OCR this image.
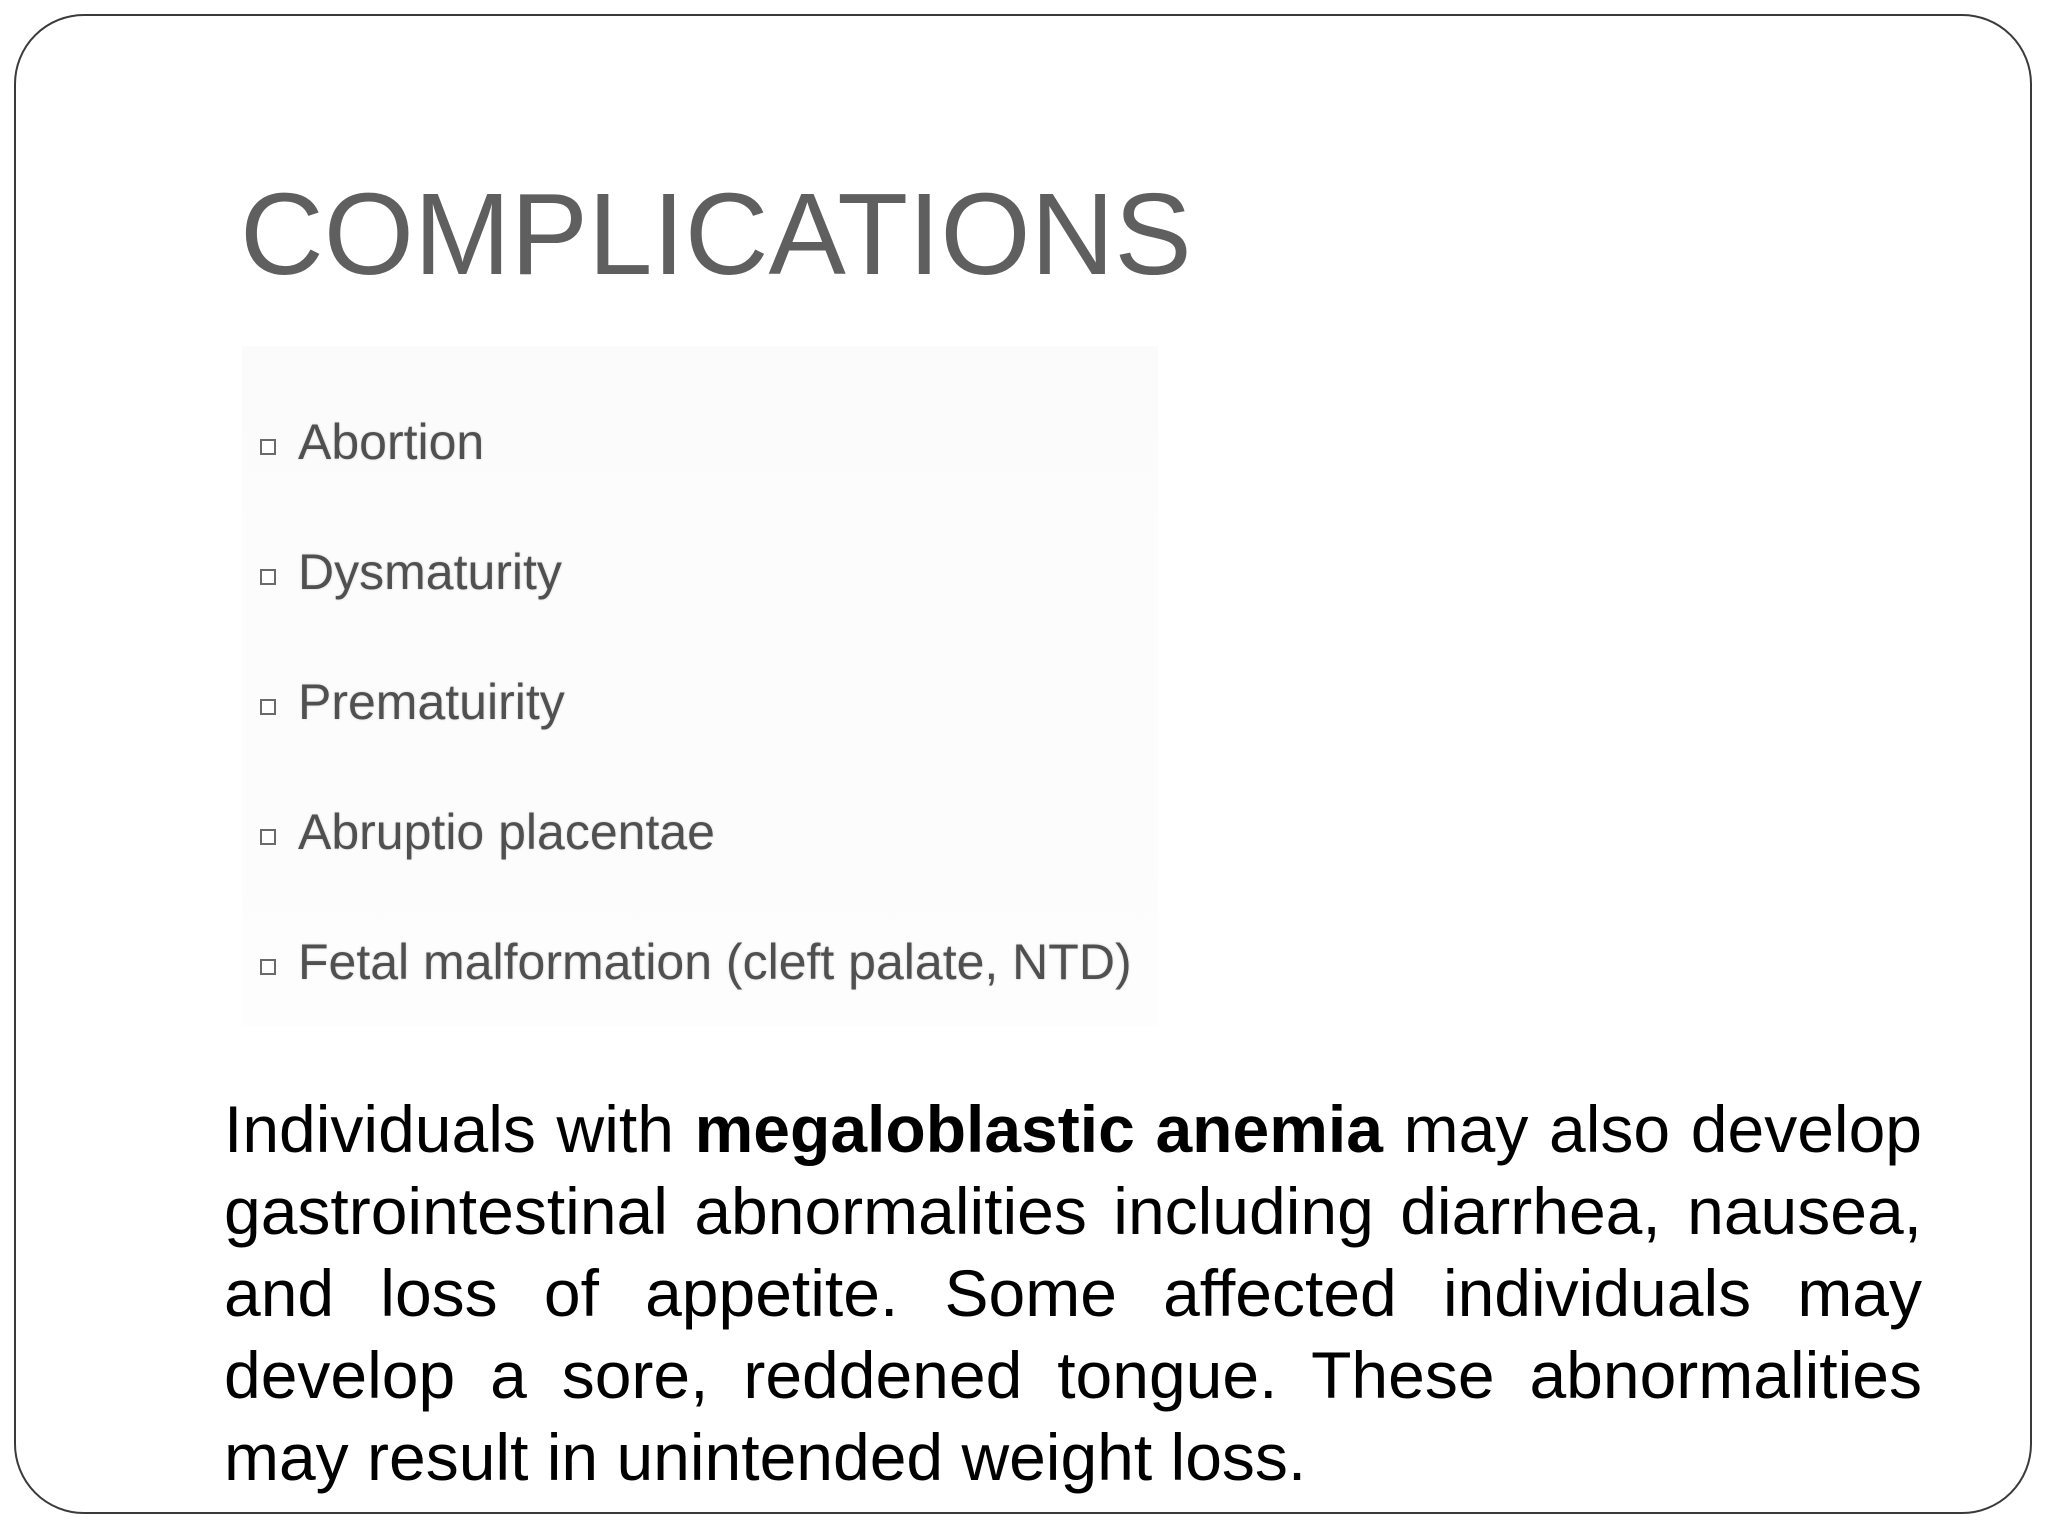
COMPLICATIONS
Abortion
Dysmaturity
Prematuirity
Abruptio placentae
Fetal malformation (cleft palate, NTD)

Individuals with megaloblastic anemia may also develop gastrointestinal abnormalities including diarrhea, nausea, and loss of appetite. Some affected individuals may develop a sore, reddened tongue. These abnormalities may result in unintended weight loss.
